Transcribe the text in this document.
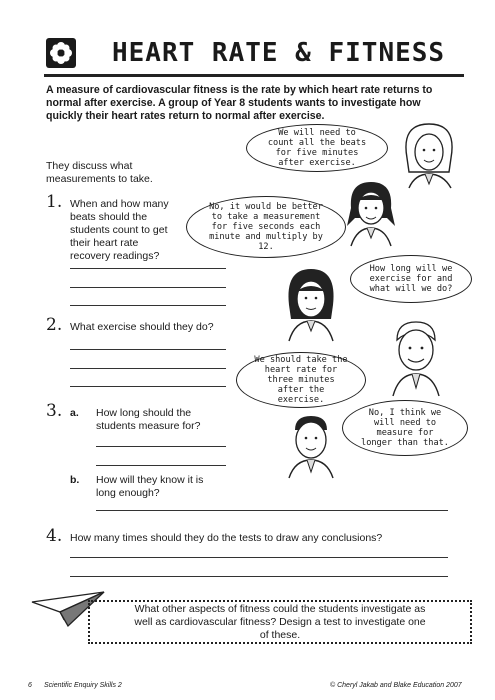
HEART RATE & FITNESS
A measure of cardiovascular fitness is the rate by which heart rate returns to normal after exercise. A group of Year 8 students wants to investigate how quickly their heart rates return to normal after exercise.
They discuss what measurements to take.
1. When and how many beats should the students count to get their heart rate recovery readings?
2. What exercise should they do?
3. a. How long should the students measure for?
b. How will they know it is long enough?
4. How many times should they do the tests to draw any conclusions?
We will need to count all the beats for five minutes after exercise.
No, it would be better to take a measurement for five seconds each minute and multiply by 12.
How long will we exercise for and what will we do?
We should take the heart rate for three minutes after the exercise.
No, I think we will need to measure for longer than that.
What other aspects of fitness could the students investigate as well as cardiovascular fitness? Design a test to investigate one of these.
6 Scientific Enquiry Skills 2	© Cheryl Jakab and Blake Education 2007
